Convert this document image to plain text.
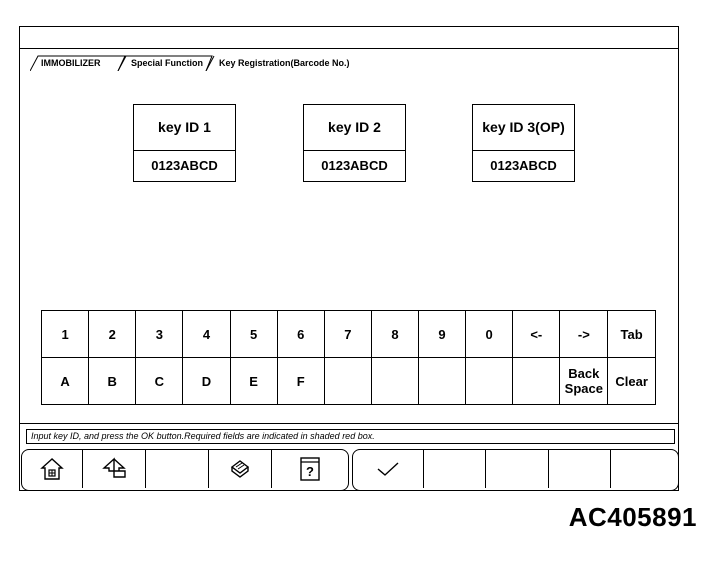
IMMOBILIZER	Special Function Key Registration(Barcode No.)
key ID 1
0123ABCD
key ID 2
0123ABCD
key ID 3(OP)
0123ABCD
1	2	3	4	5	6	7	8	9	0	<-	->	Tab
A	B	C	D	E	F						Back Space	Clear
Input key ID, and press the OK button.Required fields are indicated in shaded red box.
?
AC405891
